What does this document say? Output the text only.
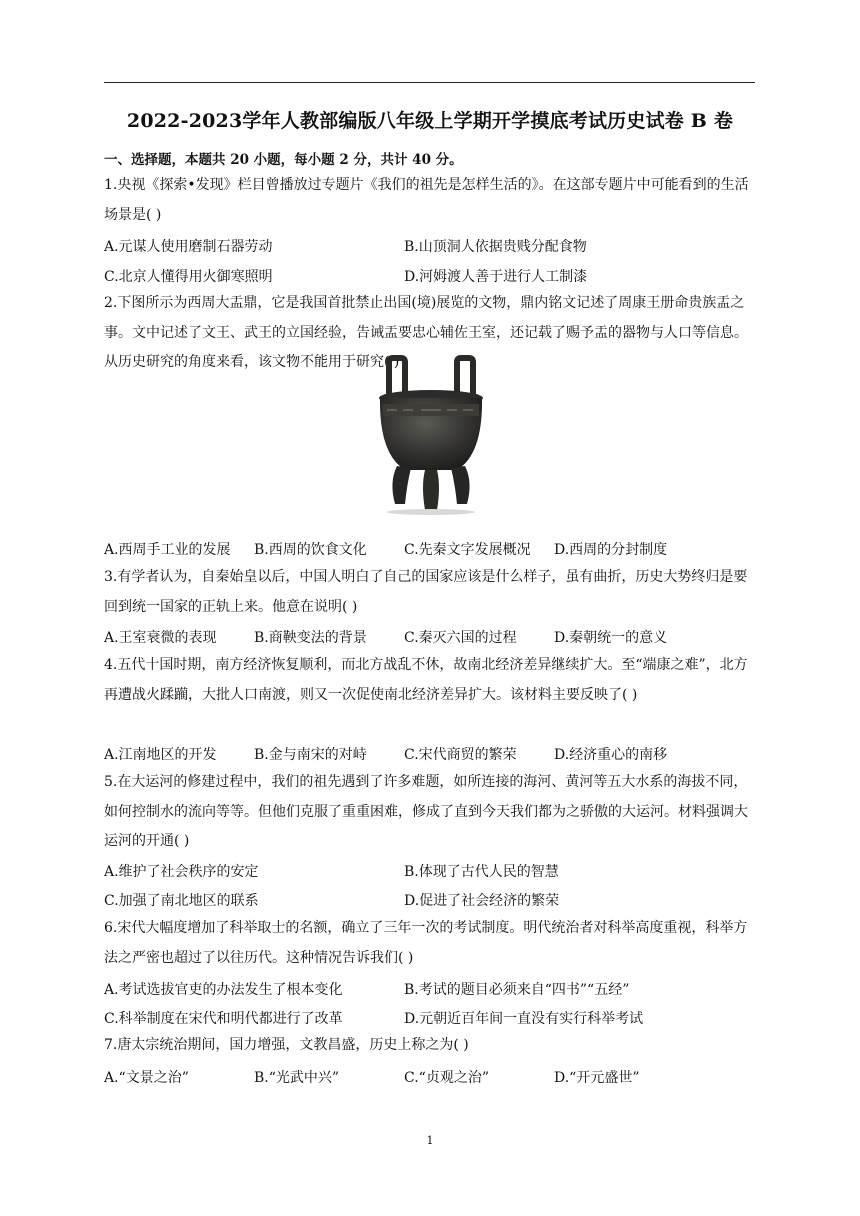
2022-2023学年人教部编版八年级上学期开学摸底考试历史试卷 B 卷
一、选择题，本题共 20 小题，每小题 2 分，共计 40 分。
1.央视《探索•发现》栏目曾播放过专题片《我们的祖先是怎样生活的》。在这部专题片中可能看到的生活场景是( )
A.元谋人使用磨制石器劳动	B.山顶洞人依据贵贱分配食物
C.北京人懂得用火御寒照明	D.河姆渡人善于进行人工制漆
2.下图所示为西周大盂鼎，它是我国首批禁止出国(境)展览的文物，鼎内铭文记述了周康王册命贵族盂之事。文中记述了文王、武王的立国经验，告诫盂要忠心辅佐王室，还记载了赐予盂的器物与人口等信息。从历史研究的角度来看，该文物不能用于研究( )
A.西周手工业的发展 B.西周的饮食文化	C.先秦文字发展概况 D.西周的分封制度
3.有学者认为，自秦始皇以后，中国人明白了自己的国家应该是什么样子，虽有曲折，历史大势终归是要回到统一国家的正轨上来。他意在说明( )
A.王室衰微的表现	B.商鞅变法的背景	C.秦灭六国的过程	D.秦朝统一的意义
4.五代十国时期，南方经济恢复顺利，而北方战乱不休，故南北经济差异继续扩大。至“端康之难”，北方再遭战火蹂躏，大批人口南渡，则又一次促使南北经济差异扩大。该材料主要反映了( )
A.江南地区的开发	B.金与南宋的对峙	C.宋代商贸的繁荣	D.经济重心的南移
5.在大运河的修建过程中，我们的祖先遇到了许多难题，如所连接的海河、黄河等五大水系的海拔不同，如何控制水的流向等等。但他们克服了重重困难，修成了直到今天我们都为之骄傲的大运河。材料强调大运河的开通( )
A.维护了社会秩序的安定	B.体现了古代人民的智慧
C.加强了南北地区的联系	D.促进了社会经济的繁荣
6.宋代大幅度增加了科举取士的名额，确立了三年一次的考试制度。明代统治者对科举高度重视，科举方法之严密也超过了以往历代。这种情况告诉我们( )
A.考试选拔官吏的办法发生了根本变化	B.考试的题目必须来自“四书”“五经”
C.科举制度在宋代和明代都进行了改革	D.元朝近百年间一直没有实行科举考试
7.唐太宗统治期间，国力增强，文教昌盛，历史上称之为( )
A.“文景之治”	B.“光武中兴”	C.“贞观之治”	D.“开元盛世”
1
